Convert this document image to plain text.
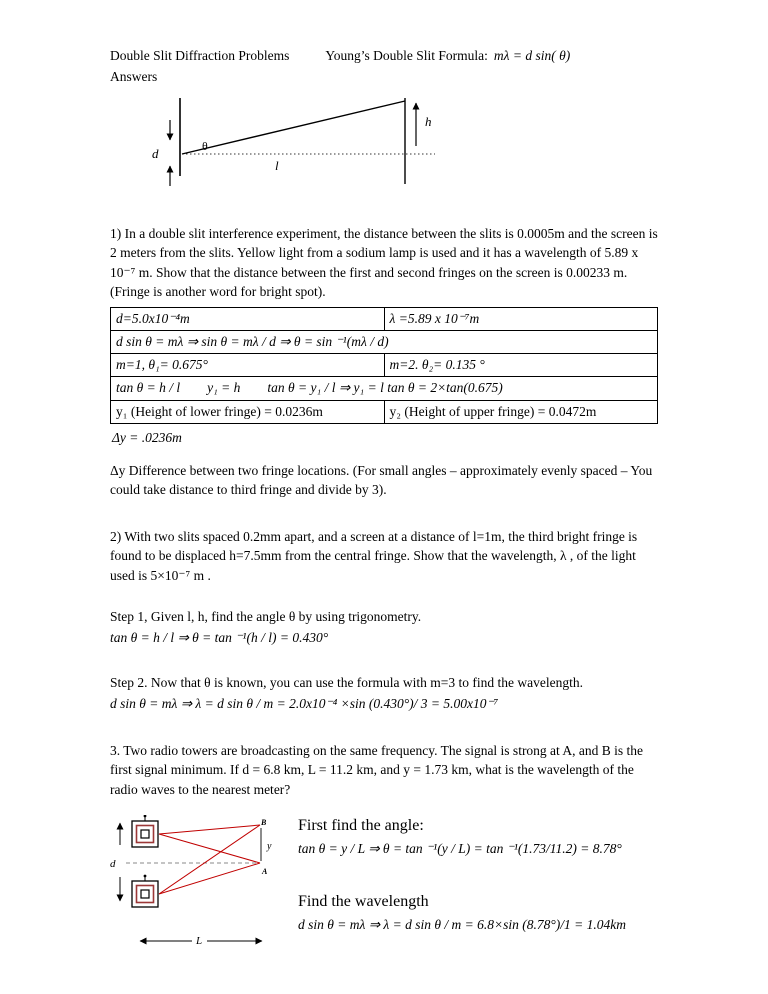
Double Slit Diffraction Problems	Young’s Double Slit Formula: mλ = d sin( θ)
Answers
d	θ
l
h

1) In a double slit interference experiment, the distance between the slits is 0.0005m and the screen is 2 meters from the slits. Yellow light from a sodium lamp is used and it has a wavelength of 5.89 x 10⁻⁷ m. Show that the distance between the first and second fringes on the screen is 0.00233 m. (Fringe is another word for bright spot).

d=5.0x10⁻⁴m	λ =5.89 x 10⁻⁷m
d sin θ = mλ ⇒ sin θ = mλ / d ⇒ θ = sin ⁻¹(mλ / d)	
m=1, θ₁= 0.675°	m=2. θ₂= 0.135 °
tan θ = h / l        y₁ = h        tan θ = y₁ / l ⇒ y₁ = l tan θ = 2×tan(0.675)	
y₁ (Height of lower fringe) = 0.0236m	y₂ (Height of upper fringe) = 0.0472m

Δy = .0236m

Δy Difference between two fringe locations. (For small angles – approximately evenly spaced – You could take distance to third fringe and divide by 3).

2) With two slits spaced 0.2mm apart, and a screen at a distance of l=1m, the third bright fringe is found to be displaced h=7.5mm from the central fringe. Show that the wavelength, λ , of the light used is 5×10⁻⁷ m .

Step 1, Given l, h, find the angle θ by using trigonometry.

tan θ = h / l ⇒ θ = tan ⁻¹(h / l) = 0.430°

Step 2. Now that θ is known, you can use the formula with m=3 to find the wavelength.

d sin θ = mλ ⇒ λ = d sin θ / m = 2.0x10⁻⁴ ×sin (0.430°)/ 3 = 5.00x10⁻⁷

3. Two radio towers are broadcasting on the same frequency. The signal is strong at A, and B is the first signal minimum. If d = 6.8 km, L = 11.2 km, and y = 1.73 km, what is the wavelength of the radio waves to the nearest meter?

d
B
A
y
L

First find the angle:

tan θ = y / L ⇒ θ = tan ⁻¹(y / L) = tan ⁻¹(1.73/11.2) = 8.78°

Find the wavelength

d sin θ = mλ ⇒ λ = d sin θ / m = 6.8×sin (8.78°)/1 = 1.04km
